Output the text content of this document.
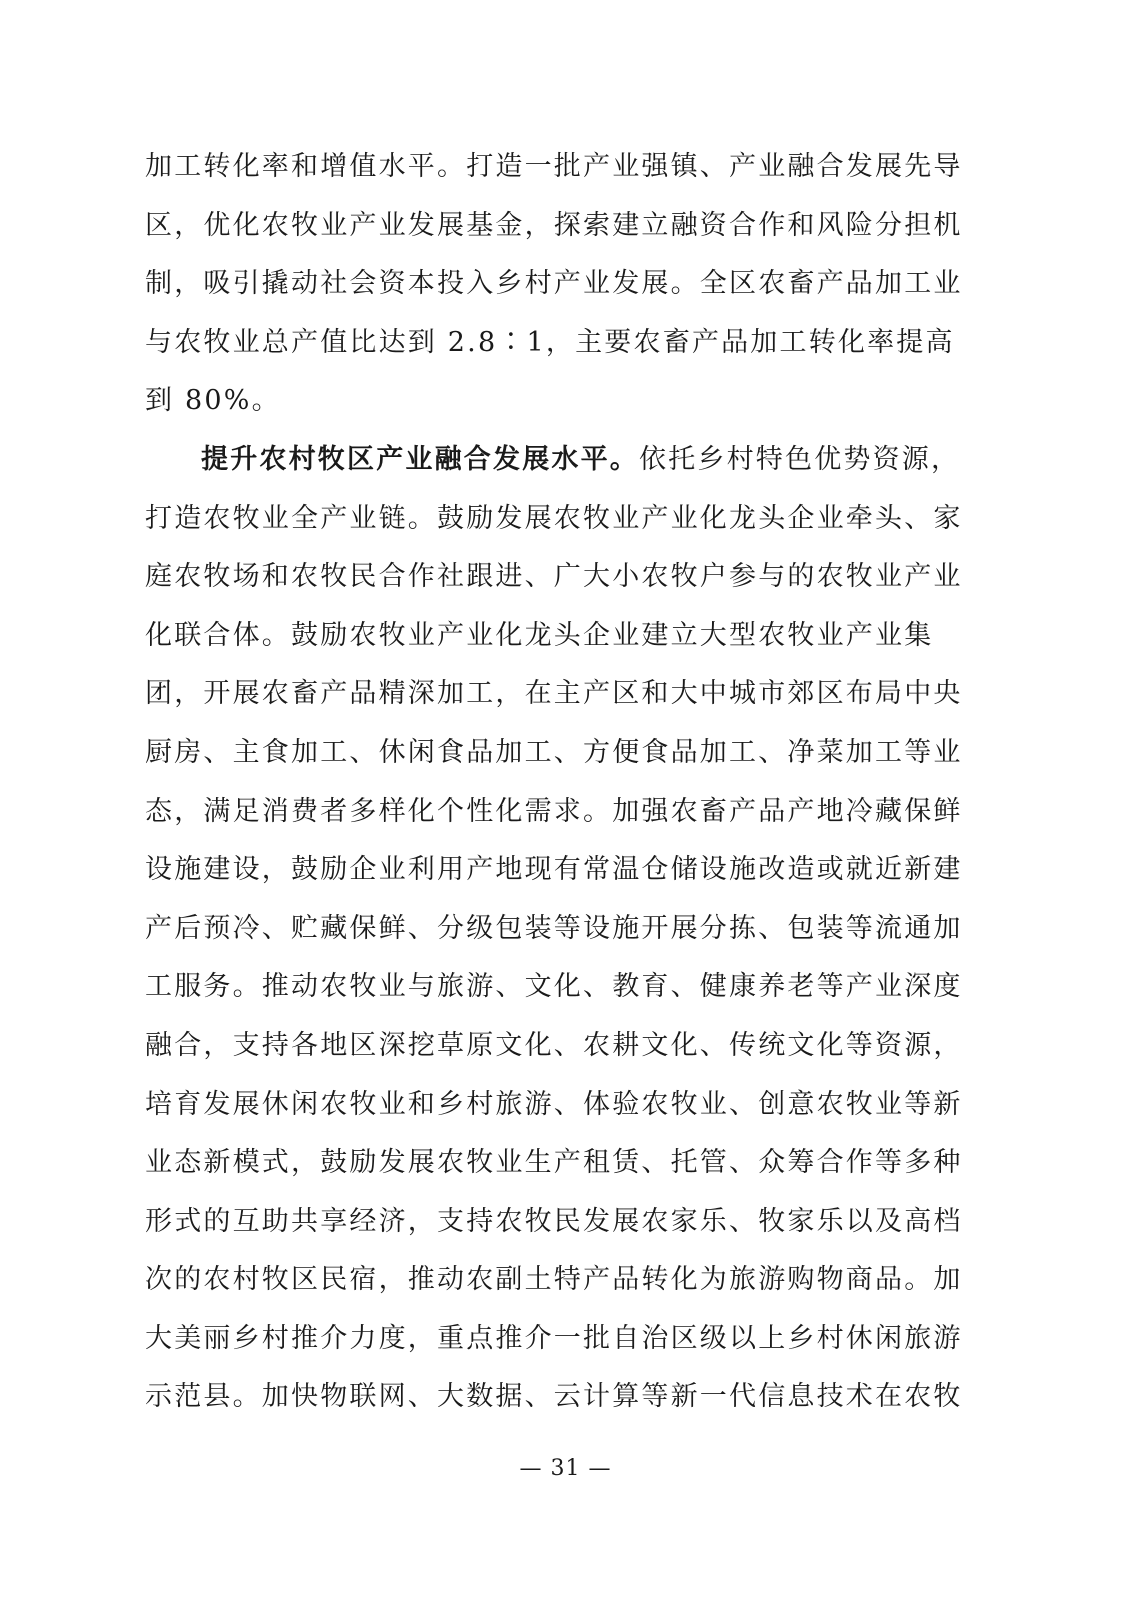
加工转化率和增值水平。打造一批产业强镇、产业融合发展先导
区，优化农牧业产业发展基金，探索建立融资合作和风险分担机
制，吸引撬动社会资本投入乡村产业发展。全区农畜产品加工业
与农牧业总产值比达到 2.8∶1，主要农畜产品加工转化率提高
到 80%。
提升农村牧区产业融合发展水平。依托乡村特色优势资源，
打造农牧业全产业链。鼓励发展农牧业产业化龙头企业牵头、家
庭农牧场和农牧民合作社跟进、广大小农牧户参与的农牧业产业
化联合体。鼓励农牧业产业化龙头企业建立大型农牧业产业集
团，开展农畜产品精深加工，在主产区和大中城市郊区布局中央
厨房、主食加工、休闲食品加工、方便食品加工、净菜加工等业
态，满足消费者多样化个性化需求。加强农畜产品产地冷藏保鲜
设施建设，鼓励企业利用产地现有常温仓储设施改造或就近新建
产后预冷、贮藏保鲜、分级包装等设施开展分拣、包装等流通加
工服务。推动农牧业与旅游、文化、教育、健康养老等产业深度
融合，支持各地区深挖草原文化、农耕文化、传统文化等资源，
培育发展休闲农牧业和乡村旅游、体验农牧业、创意农牧业等新
业态新模式，鼓励发展农牧业生产租赁、托管、众筹合作等多种
形式的互助共享经济，支持农牧民发展农家乐、牧家乐以及高档
次的农村牧区民宿，推动农副土特产品转化为旅游购物商品。加
大美丽乡村推介力度，重点推介一批自治区级以上乡村休闲旅游
示范县。加快物联网、大数据、云计算等新一代信息技术在农牧
— 31 —
